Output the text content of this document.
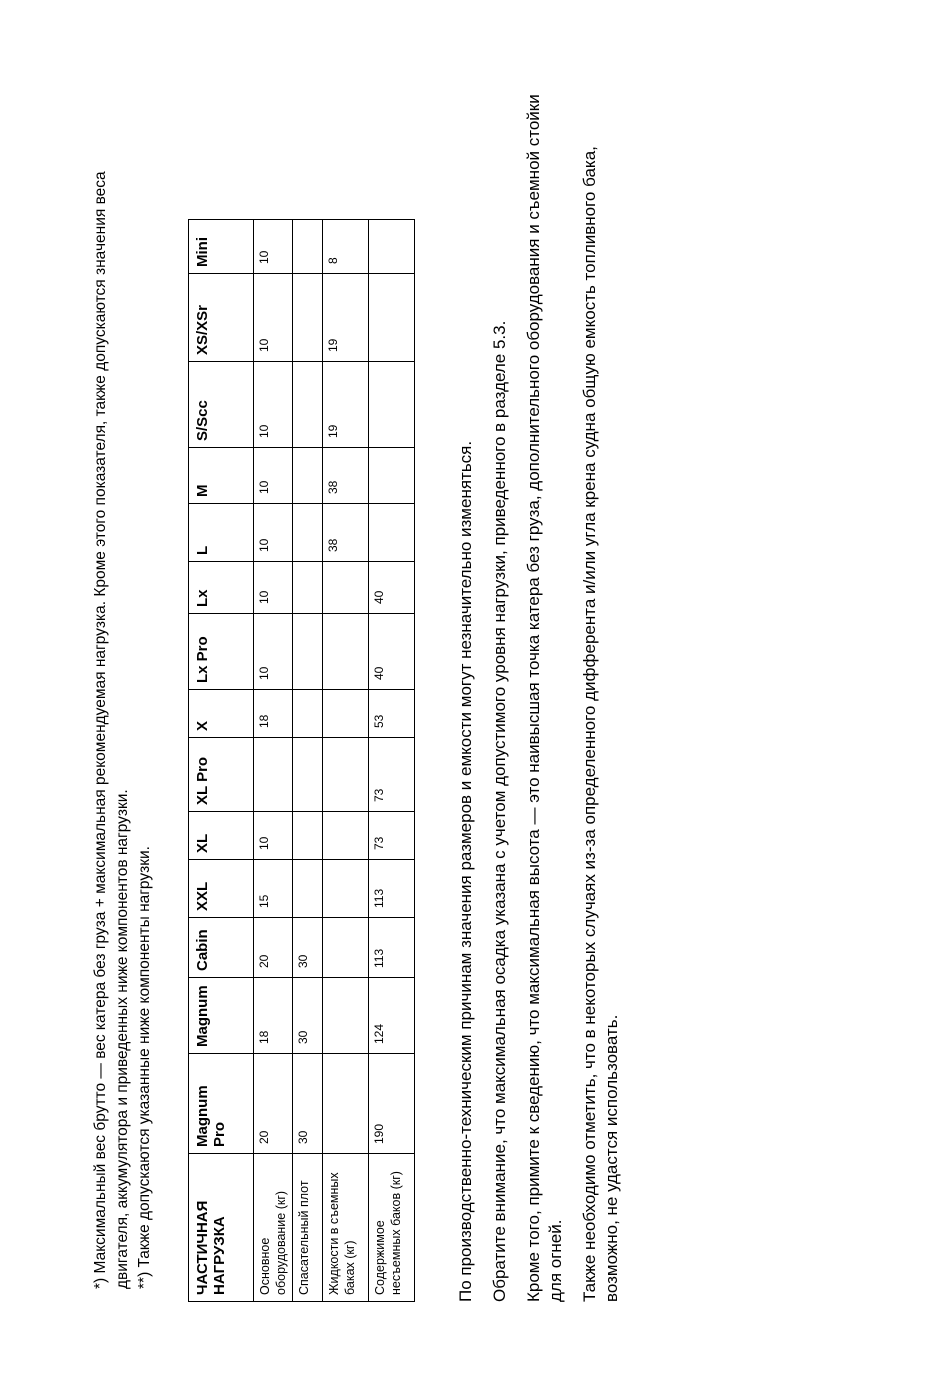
*) Максимальный вес брутто — вес катера без груза + максимальная рекомендуемая нагрузка. Кроме этого показателя, также допускаются значения веса двигателя, аккумулятора и приведенных ниже компонентов нагрузки. **) Также допускаются указанные ниже компоненты нагрузки.	ЧАСТИЧНАЯ НАГРУЗКА	Magnum Pro	Magnum	Cabin	XXL	XL	XL Pro	X	Lx Pro	Lx	L	M	S/Scc	XS/XSr	Mini
Основное оборудование (кг)	20	18	20	15	10		18	10	10	10	10	10	10	10
Спасательный плот	30	30	30											
Жидкости в съемных баках (кг)										38	38	19	19	8
Содержимое несъемных баков (кг)	190	124	113	113	73	73	53	40	40						По производственно-техническим причинам значения размеров и емкости могут незначительно изменяться. Обратите внимание, что максимальная осадка указана с учетом допустимого уровня нагрузки, приведенного в разделе 5.3. Кроме того, примите к сведению, что максимальная высота — это наивысшая точка катера без груза, дополнительного оборудования и съемной стойки для огней. Также необходимо отметить, что в некоторых случаях из-за определенного дифферента и/или угла крена судна общую емкость топливного бака, возможно, не удастся использовать.
